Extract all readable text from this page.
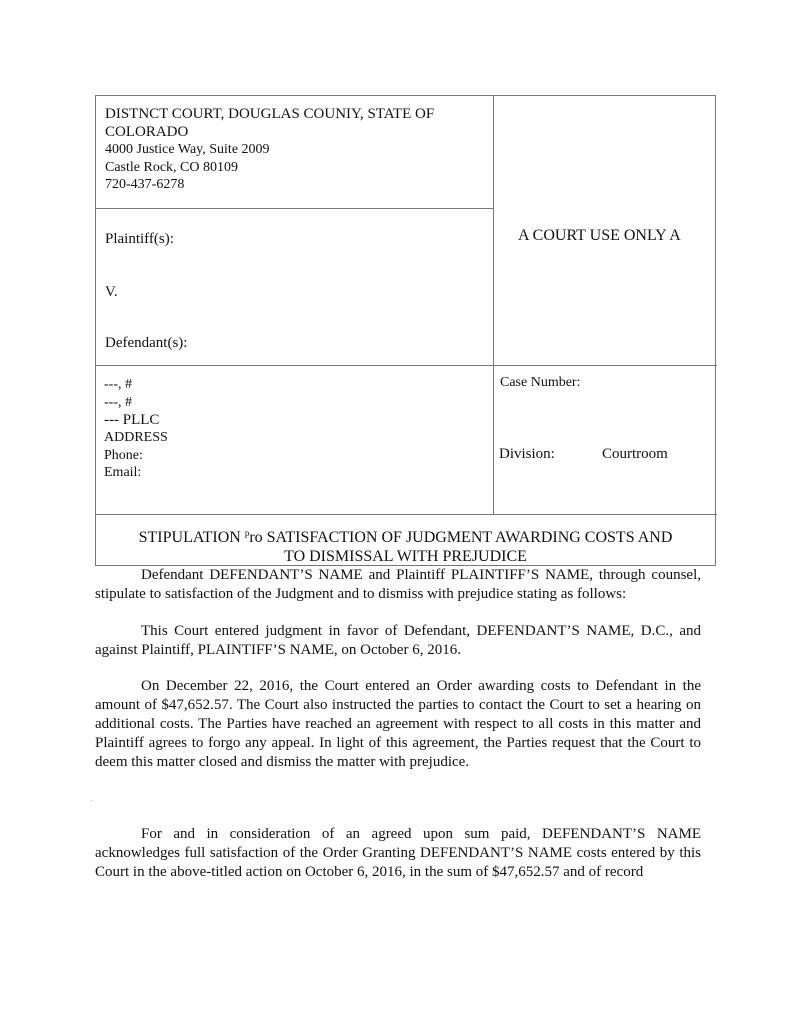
DISTNCT COURT, DOUGLAS COUNIY, STATE OF COLORADO
4000 Justice Way, Suite 2009
Castle Rock, CO 80109
720-437-6278
Plaintiff(s):
V.
Defendant(s):
A COURT USE ONLY A
---, #
---, #
--- PLLC
ADDRESS
Phone:
Email:
Case Number:
Division:	Courtroom
STIPULATION $^p$ro SATISFACTION OF JUDGMENT AWARDING COSTS AND
TO DISMISSAL WITH PREJUDICE

Defendant DEFENDANT’S NAME and Plaintiff PLAINTIFF’S NAME, through counsel, stipulate to satisfaction of the Judgment and to dismiss with prejudice stating as follows:

This Court entered judgment in favor of Defendant, DEFENDANT’S NAME, D.C., and against Plaintiff, PLAINTIFF’S NAME, on October 6, 2016.

On December 22, 2016, the Court entered an Order awarding costs to Defendant in the amount of $47,652.57. The Court also instructed the parties to contact the Court to set a hearing on additional costs. The Parties have reached an agreement with respect to all costs in this matter and Plaintiff agrees to forgo any appeal. In light of this agreement, the Parties request that the Court to deem this matter closed and dismiss the matter with prejudice.

For and in consideration of an agreed upon sum paid, DEFENDANT’S NAME acknowledges full satisfaction of the Order Granting DEFENDANT’S NAME costs entered by this Court in the above-titled action on October 6, 2016, in the sum of $47,652.57 and of record
